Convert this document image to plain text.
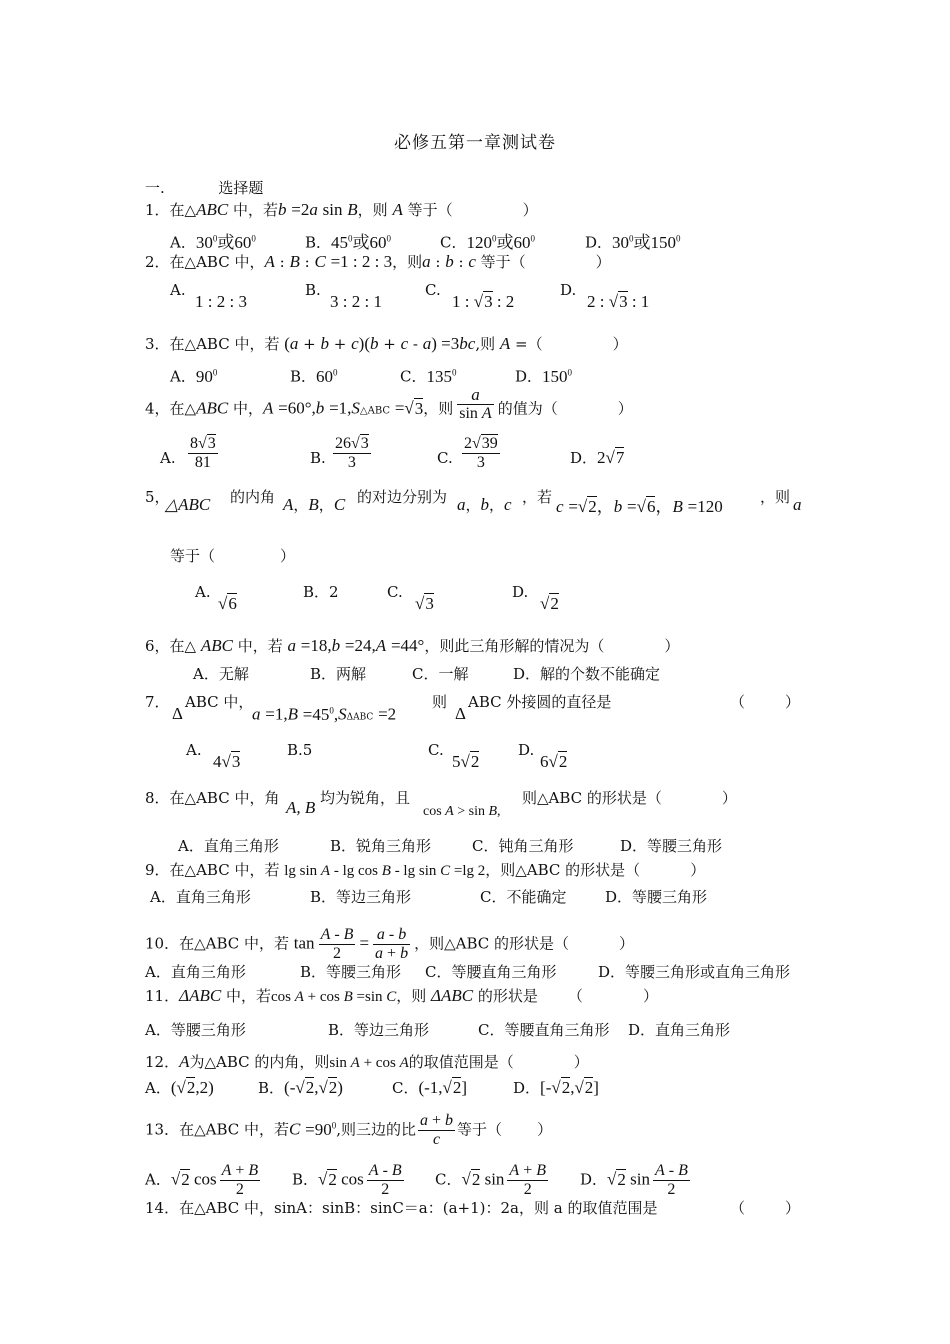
必修五第一章测试卷
一.	选择题
1．在△ABC 中，若b =2a sin B，则 A 等于（	）
A．$30^0$或$60^0$	B．$45^0$或$60^0$	C．$120^0$或$60^0$	D．$30^0$或$150^0$
2．在△ABC 中，A : B : C =1 : 2 : 3，则a : b : c 等于（	）
A.
1 : 2 : 3
B.
3 : 2 : 1
C.
1 : √3 : 2
D.
2 : √3 : 1
3．在△ABC 中，若 (a + b + c)(b + c - a) =3bc,则 A =（	）
A．$90^0$	B．$60^0$	C．$135^0$	D．$150^0$
4，在△ABC 中，A =60°,b =1,S△ABC =√3，则 $\frac{a}{\text{sin A}}$ 的值为（	）
A. $\frac{8√3}{81}$	B. $\frac{26√3}{3}$	C. $\frac{2√39}{3}$	D．2√7
5，
△ABC 的内角 A，B，C 的对边分别为 a，b，c ，若 c =√2，b =√6，B =120 ，则 a
等于（	）
A.
√6
B．2	C.
√3
D.
√2
6，在△ ABC 中，若 a =18,b =24,A =44°，则此三角形解的情况为（	）
A．无解	B．两解	C．一解	D．解的个数不能确定
7．
Δ
ABC 中，
$a =1,B =45^0,S\Delta ABC =2$
则
Δ
ABC 外接圆的直径是	（	）
A.
4√3
B.5	C.
5√2
D.
6√2
8．在△ABC 中，角 A, B 均为锐角，且
cos A > sin B,
则△ABC 的形状是（	）
A．直角三角形	B．锐角三角形	C．钝角三角形	D．等腰三角形
9．在△ABC 中，若 lg sin A - lg cos B - lg sin C =lg 2，则△ABC 的形状是（	）
A．直角三角形	B．等边三角形	C．不能确定	D．等腰三角形
10．在△ABC 中，若 $\tan \frac{A - B}{2} = \frac{a - b}{a + b}$ ，则△ABC 的形状是（	）
A．直角三角形	B．等腰三角形 C．等腰直角三角形	D．等腰三角形或直角三角形
11．ΔABC 中，若cos A + cos B =sin C，则 ΔABC 的形状是 （	）
A．等腰三角形	B．等边三角形	C．等腰直角三角形 D．直角三角形
12．A为△ABC 的内角，则sin A + cos A的取值范围是（	）
A．(√2,2)	B．(-√2,√2)	C．(-1,√2]	D．[-√2,√2]
13．在△ABC 中，若$C =90^0$,则三边的比 $\frac{a + b}{c}$ 等于（ ）
A．√2 $\cos \frac{A + B}{2}$ B．√2 $\cos \frac{A - B}{2}$ C．√2 $\sin \frac{A + B}{2}$ D．√2 $\sin \frac{A - B}{2}$
14．在△ABC 中，sinA：sinB：sinC＝a：(a+1)：2a，则 a 的取值范围是	（	）
